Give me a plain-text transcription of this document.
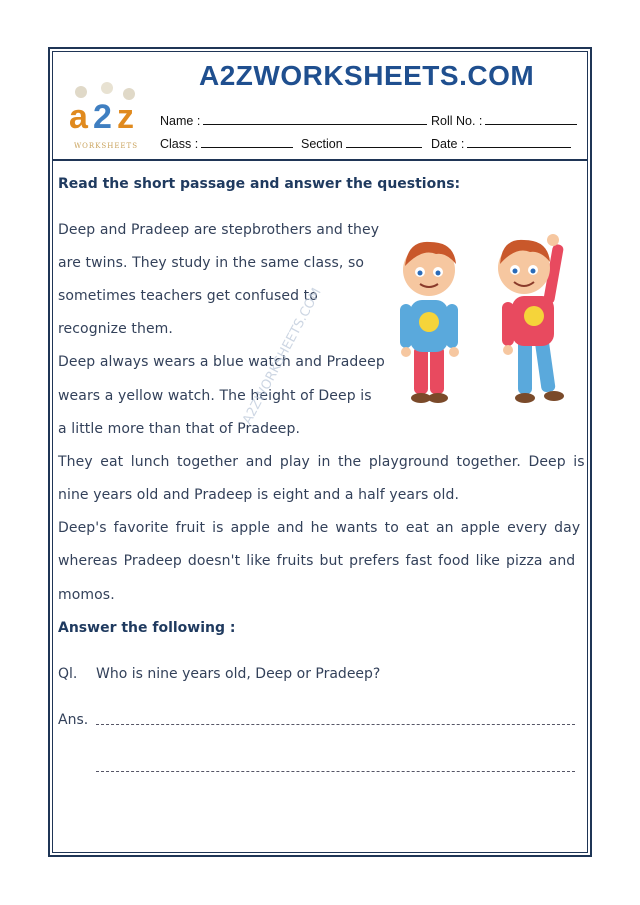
a 2 z
WORKSHEETS
A2ZWORKSHEETS.COM
Name :	Roll No. :
Class :	Section	Date :
Read the short passage and answer the questions:
Deep and Pradeep are stepbrothers and they
are twins. They study in the same class, so
sometimes teachers get confused to
recognize them.
Deep always wears a blue watch and Pradeep
wears a yellow watch. The height of Deep is
a little more than that of Pradeep.
They eat lunch together and play in the playground together. Deep is
nine years old and Pradeep is eight and a half years old.
Deep's favorite fruit is apple and he wants to eat an apple every day
whereas Pradeep doesn't like fruits but prefers fast food like pizza and
momos.
A2ZWORKSHEETS.COM
Answer the following :
Ql. Who is nine years old, Deep or Pradeep?
Ans.
